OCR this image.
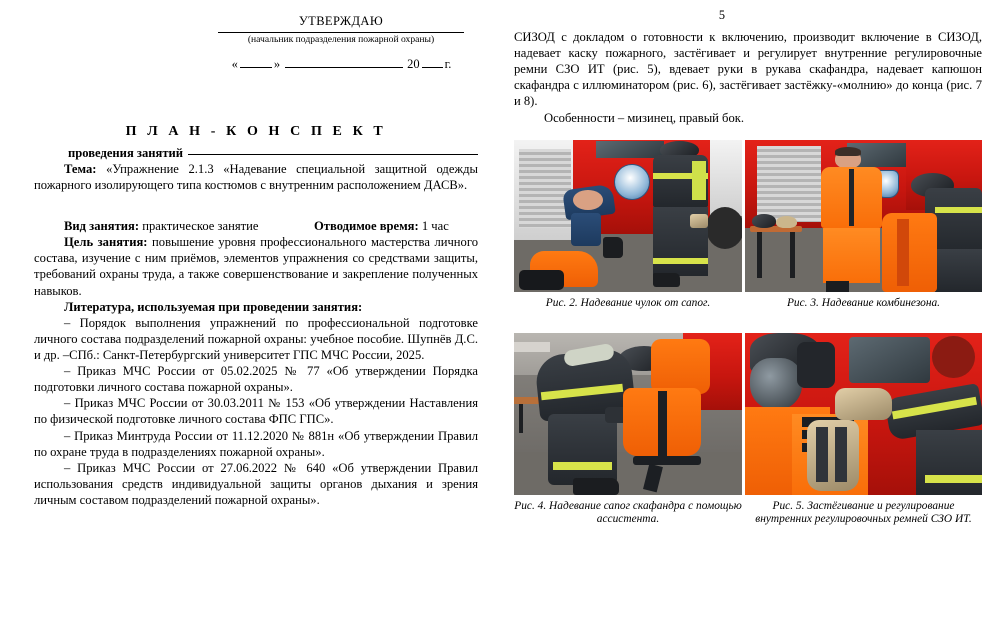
УТВЕРЖДАЮ
(начальник подразделения пожарной охраны)
«	»	20 г.
П Л А Н - К О Н С П Е К Т
проведения занятий

Тема: «Упражнение 2.1.3 «Надевание специальной защитной одежды пожарного изолирующего типа костюмов с внутренним расположением ДАСВ».

Вид занятия: практическое занятие	Отводимое время: 1 час

Цель занятия: повышение уровня профессионального мастерства личного состава, изучение с ним приёмов, элементов упражнения со средствами защиты, требований охраны труда, а также совершенствование и закрепление полученных навыков.

Литература, используемая при проведении занятия:

– Порядок выполнения упражнений по профессиональной подготовке личного состава подразделений пожарной охраны: учебное пособие. Шупнёв Д.С. и др. –СПб.: Санкт-Петербургский университет ГПС МЧС России, 2025.

– Приказ МЧС России от 05.02.2025 № 77 «Об утверждении Порядка подготовки личного состава пожарной охраны».

– Приказ МЧС России от 30.03.2011 № 153 «Об утверждении Наставления по физической подготовке личного состава ФПС ГПС».

– Приказ Минтруда России от 11.12.2020 № 881н «Об утверждении Правил по охране труда в подразделениях пожарной охраны».

– Приказ МЧС России от 27.06.2022 № 640 «Об утверждении Правил использования средств индивидуальной защиты органов дыхания и зрения личным составом подразделений пожарной охраны».

5

СИЗОД с докладом о готовности к включению, производит включение в СИЗОД, надевает каску пожарного, застёгивает и регулирует внутренние регулировочные ремни СЗО ИТ (рис. 5), вдевает руки в рукава скафандра, надевает капюшон скафандра с иллюминатором (рис. 6), застёгивает застёжку-«молнию» до конца (рис. 7 и 8).

Особенности – мизинец, правый бок.

Рис. 2. Надевание чулок от сапог.	Рис. 3. Надевание комбинезона.
Рис. 4. Надевание сапог скафандра с помощью ассистента.
Рис. 5. Застёгивание и регулирование внутренних регулировочных ремней СЗО ИТ.
